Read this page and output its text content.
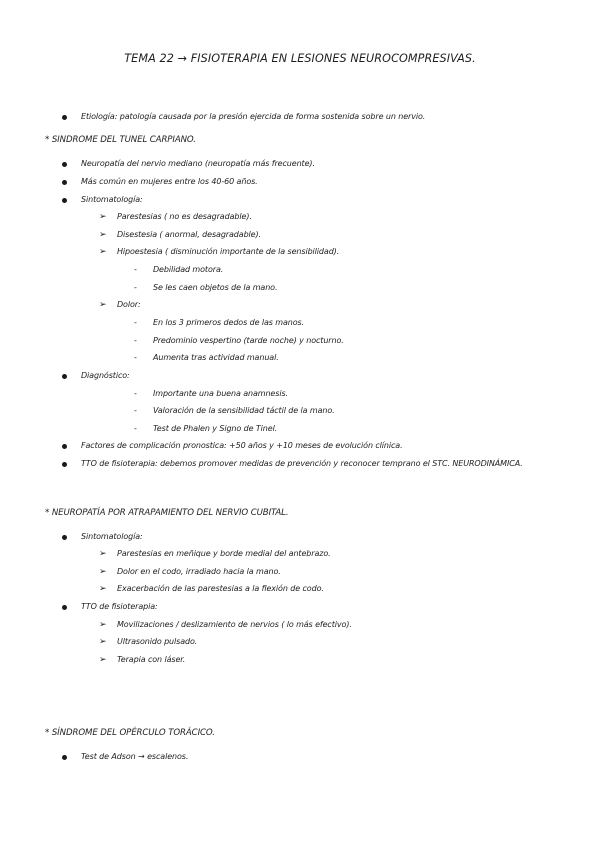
TEMA 22 → FISIOTERAPIA EN LESIONES NEUROCOMPRESIVAS.
Etiología: patología causada por la presión ejercida de forma sostenida sobre un nervio.
* SINDROME DEL TUNEL CARPIANO.
Neuropatía del nervio mediano (neuropatía más frecuente).
Más común en mujeres entre los 40-60 años.
Sintomatología:
➢ Parestesias ( no es desagradable).
➢ Disestesia ( anormal, desagradable).
➢ Hipoestesia ( disminución importante de la sensibilidad).
- Debilidad motora.
- Se les caen objetos de la mano.
➢ Dolor:
- En los 3 primeros dedos de las manos.
- Predominio vespertino (tarde noche) y nocturno.
- Aumenta tras actividad manual.
Diagnóstico:
- Importante una buena anamnesis.
- Valoración de la sensibilidad táctil de la mano.
- Test de Phalen y Signo de Tinel.
Factores de complicación pronostica: +50 años y +10 meses de evolución clínica.
TTO de fisioterapia: debemos promover medidas de prevención y reconocer temprano el STC. NEURODINÁMICA.
* NEUROPATÍA POR ATRAPAMIENTO DEL NERVIO CUBITAL.
Sintomatología:
➢ Parestesias en meñique y borde medial del antebrazo.
➢ Dolor en el codo, irradiado hacia la mano.
➢ Exacerbación de las parestesias a la flexión de codo.
TTO de fisioterapia:
➢ Movilizaciones / deslizamiento de nervios ( lo más efectivo).
➢ Ultrasonido pulsado.
➢ Terapia con láser.
* SÍNDROME DEL OPÉRCULO TORÁCICO.
Test de Adson → escalenos.
